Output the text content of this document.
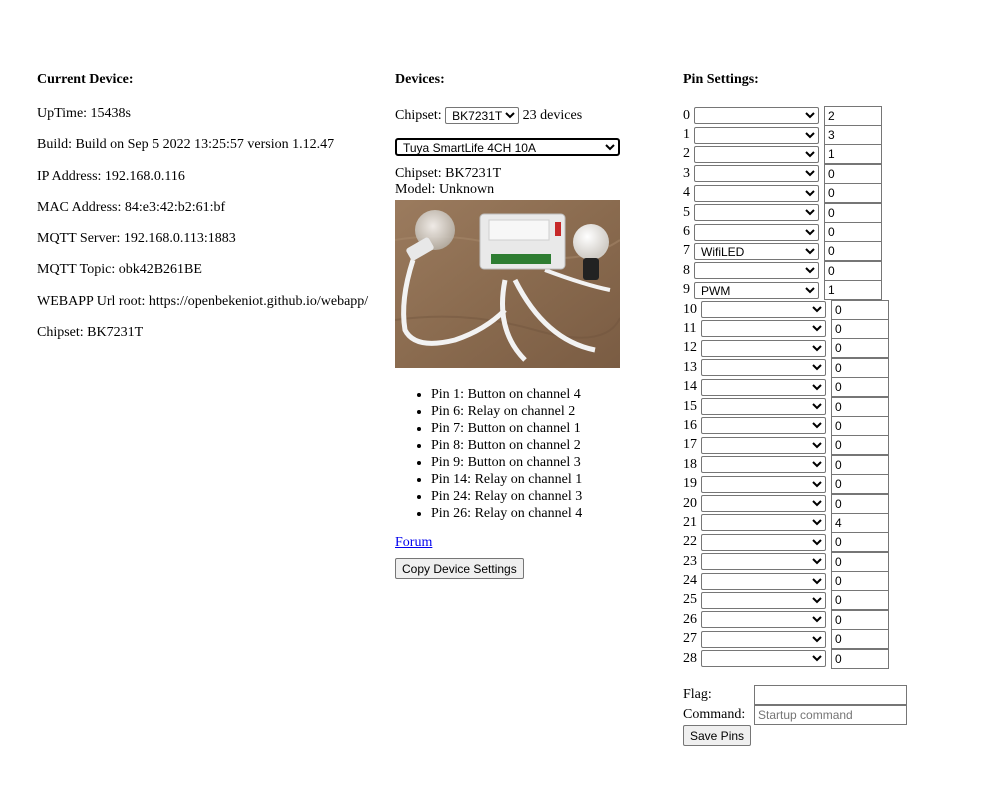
Current Device:

UpTime: 15438s

Build: Build on Sep 5 2022 13:25:57 version 1.12.47

IP Address: 192.168.0.116

MAC Address: 84:e3:42:b2:61:bf

MQTT Server: 192.168.0.113:1883

MQTT Topic: obk42B261BE

WEBAPP Url root: https://openbekeniot.github.io/webapp/

Chipset: BK7231T

Devices:
Chipset:
BK7231T	23 devices
Tuya SmartLife 4CH 10A
Chipset: BK7231T
Model: Unknown
• Pin 1: Button on channel 4
• Pin 6: Relay on channel 2
• Pin 7: Button on channel 1
• Pin 8: Button on channel 2
• Pin 9: Button on channel 3
• Pin 14: Relay on channel 1
• Pin 24: Relay on channel 3
• Pin 26: Relay on channel 4
Forum
Copy Device Settings
Pin Settings:
0
2
1
3
2
1
3
0
4
0
5
0
6
0
7
WifiLED
0
8
0
9
PWM
1
10
0
11
0
12
0
13
0
14
0
15
0
16
0
17
0
18
0
19
0
20
0
21
4
22
0
23
0
24
0
25
0
26
0
27
0
28
0
Flag:
Command:
Startup command
Save Pins
